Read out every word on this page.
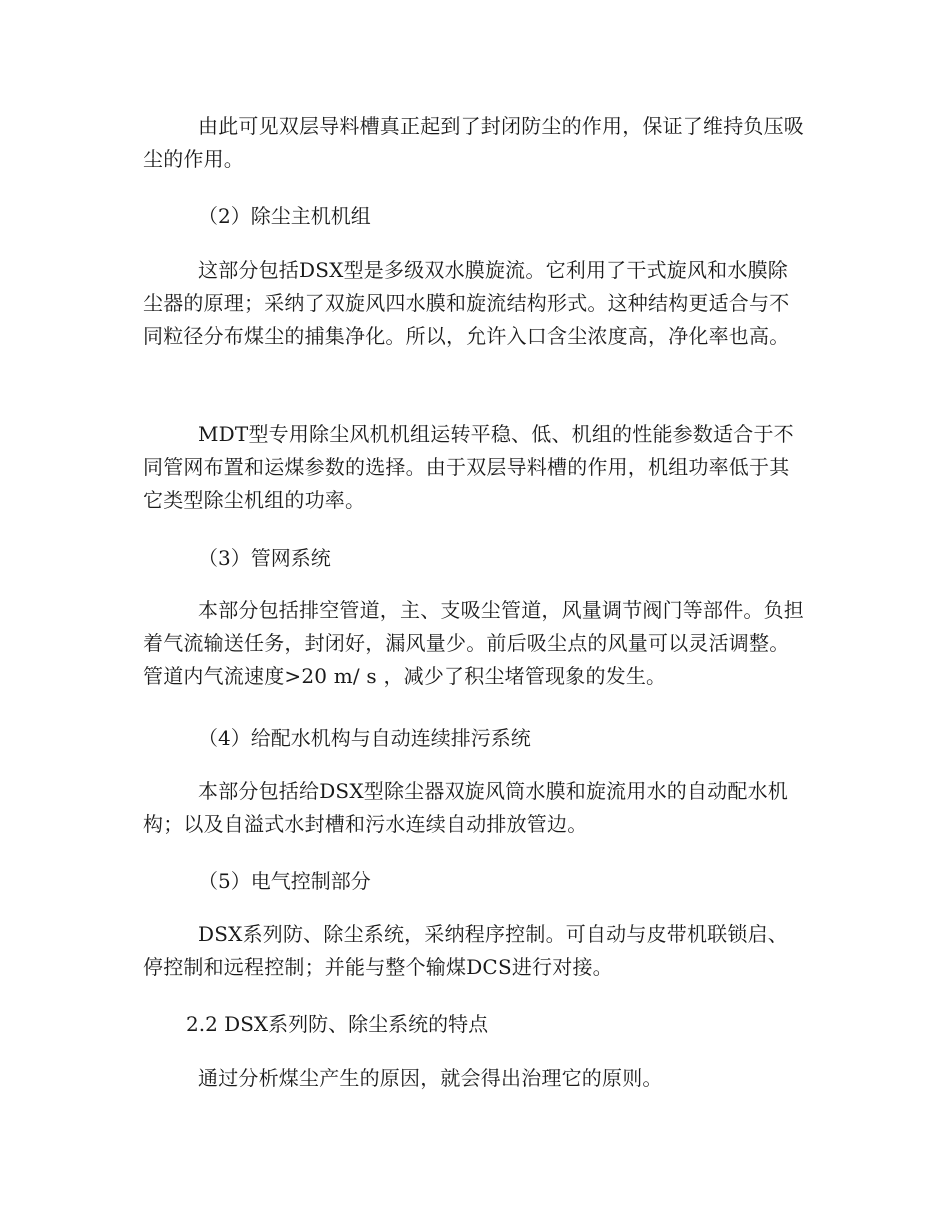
由此可见双层导料槽真正起到了封闭防尘的作用，保证了维持负压吸尘的作用。

（2）除尘主机机组

这部分包括DSX型是多级双水膜旋流。它利用了干式旋风和水膜除尘器的原理；采纳了双旋风四水膜和旋流结构形式。这种结构更适合与不同粒径分布煤尘的捕集净化。所以，允许入口含尘浓度高，净化率也高。

MDT型专用除尘风机机组运转平稳、低、机组的性能参数适合于不同管网布置和运煤参数的选择。由于双层导料槽的作用，机组功率低于其它类型除尘机组的功率。

（3）管网系统

本部分包括排空管道，主、支吸尘管道，风量调节阀门等部件。负担着气流输送任务，封闭好，漏风量少。前后吸尘点的风量可以灵活调整。管道内气流速度>20 m/ s ，减少了积尘堵管现象的发生。

（4）给配水机构与自动连续排污系统

本部分包括给DSX型除尘器双旋风筒水膜和旋流用水的自动配水机构；以及自溢式水封槽和污水连续自动排放管边。

（5）电气控制部分

DSX系列防、除尘系统，采纳程序控制。可自动与皮带机联锁启、停控制和远程控制；并能与整个输煤DCS进行对接。

2.2 DSX系列防、除尘系统的特点

通过分析煤尘产生的原因，就会得出治理它的原则。
